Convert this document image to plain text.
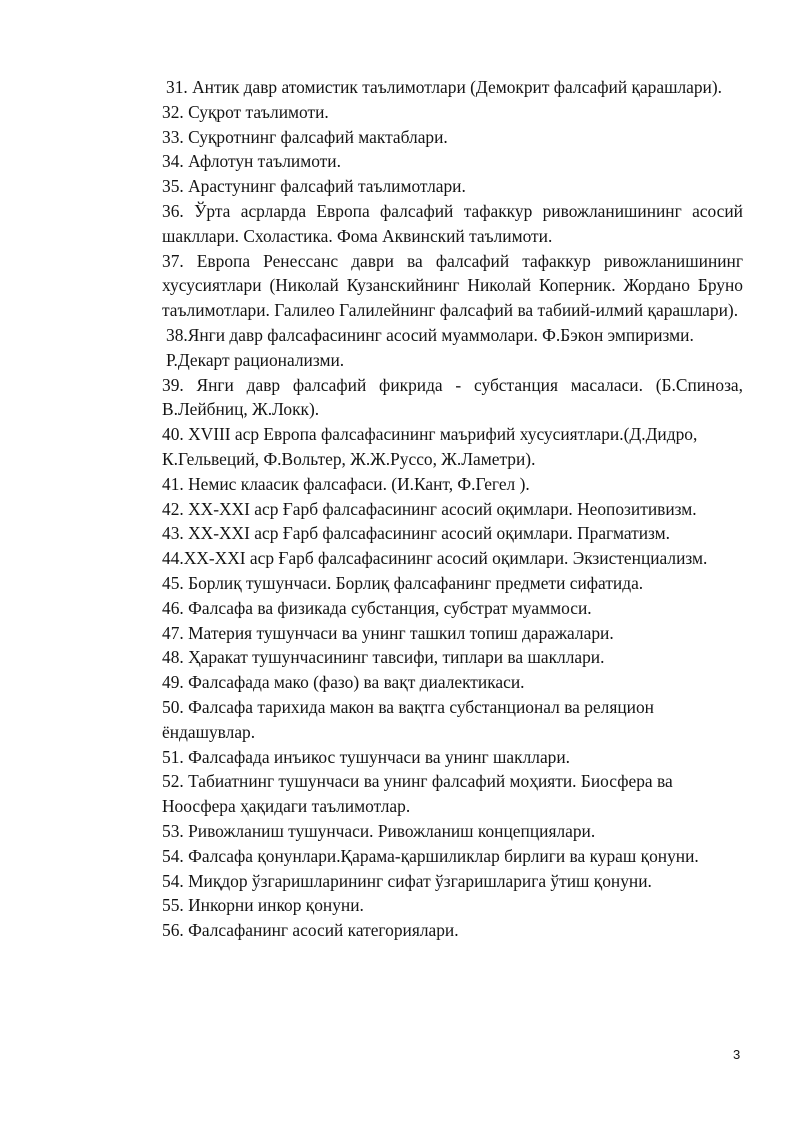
31. Антик давр атомистик таълимотлари (Демокрит фалсафий қарашлари).

32. Суқрот таълимоти.

33. Суқротнинг фалсафий мактаблари.

34. Афлотун таълимоти.

35. Арастунинг фалсафий таълимотлари.

36. Ўрта асрларда Европа фалсафий тафаккур ривожланишининг асосий шакллари. Схоластика. Фома Аквинский таълимоти.

37. Европа Ренессанс даври ва фалсафий тафаккур ривожланишининг хусусиятлари (Николай Кузанскийнинг Николай Коперник. Жордано Бруно таълимотлари. Галилео Галилейнинг фалсафий ва табиий-илмий қарашлари).

38.Янги давр фалсафасининг асосий муаммолари. Ф.Бэкон эмпиризми. Р.Декарт рационализми.

39. Янги давр фалсафий фикрида - субстанция масаласи. (Б.Спиноза, В.Лейбниц, Ж.Локк).

40. XVIII аср Европа фалсафасининг маърифий хусусиятлари.(Д.Дидро, К.Гельвеций, Ф.Вольтер, Ж.Ж.Руссо, Ж.Ламетри).

41. Немис клаасик фалсафаси. (И.Кант, Ф.Гегел ).

42. XX-XXI аср Ғарб фалсафасининг асосий оқимлари. Неопозитивизм.

43. XX-XXI аср Ғарб фалсафасининг асосий оқимлари. Прагматизм.

44.XX-XXI аср Ғарб фалсафасининг асосий оқимлари. Экзистенциализм.

45. Борлиқ тушунчаси. Борлиқ фалсафанинг предмети сифатида.

46. Фалсафа ва физикада субстанция, субстрат муаммоси.

47. Материя тушунчаси ва унинг ташкил топиш даражалари.

48. Ҳаракат тушунчасининг тавсифи, типлари ва шакллари.

49. Фалсафада мако (фазо) ва вақт диалектикаси.

50. Фалсафа тарихида макон ва вақтга субстанционал ва реляцион ёндашувлар.

51. Фалсафада инъикос тушунчаси ва унинг шакллари.

52. Табиатнинг тушунчаси ва унинг фалсафий моҳияти. Биосфера ва Ноосфера ҳақидаги таълимотлар.

53. Ривожланиш тушунчаси. Ривожланиш концепциялари.

54. Фалсафа қонунлари.Қарама-қаршиликлар бирлиги ва кураш қонуни.

54. Миқдор ўзгаришларининг сифат ўзгаришларига ўтиш қонуни.

55. Инкорни инкор қонуни.

56. Фалсафанинг асосий категориялари.

3
